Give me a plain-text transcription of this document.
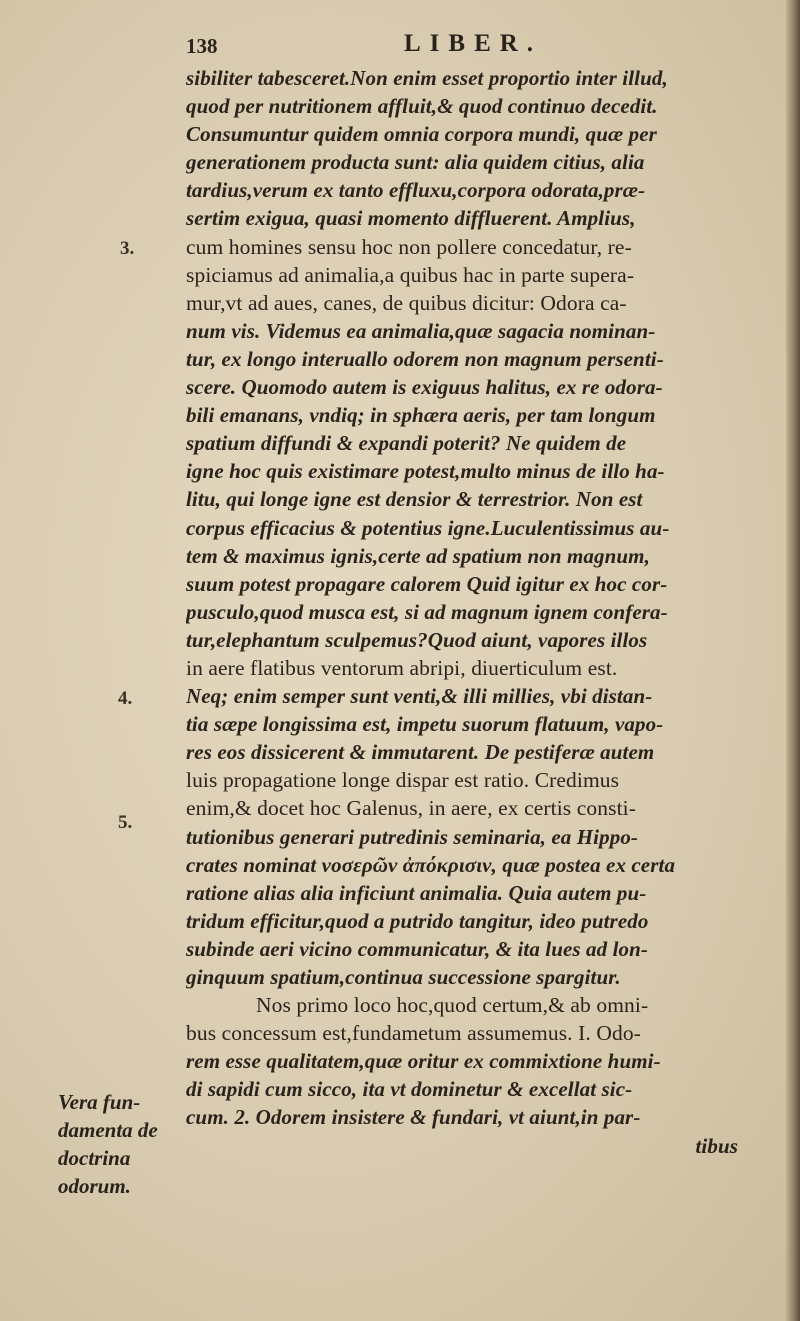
138	LIBER.
3.
4.
5.
Vera fun-
damenta de
doctrina
odorum.
sibiliter tabesceret.Non enim esset proportio inter illud,
quod per nutritionem affluit,& quod continuo decedit.
Consumuntur quidem omnia corpora mundi, quæ per
generationem producta sunt: alia quidem citius, alia
tardius,verum ex tanto effluxu,corpora odorata,præ-
sertim exigua, quasi momento diffluerent. Amplius,
cum homines sensu hoc non pollere concedatur, re-
spiciamus ad animalia,a quibus hac in parte supera-
mur,vt ad aues, canes, de quibus dicitur: Odora ca-
num vis. Videmus ea animalia,quæ sagacia nominan-
tur, ex longo interuallo odorem non magnum persenti-
scere. Quomodo autem is exiguus halitus, ex re odora-
bili emanans, vndiq; in sphæra aeris, per tam longum
spatium diffundi & expandi poterit? Ne quidem de
igne hoc quis existimare potest,multo minus de illo ha-
litu, qui longe igne est densior & terrestrior. Non est
corpus efficacius & potentius igne.Luculentissimus au-
tem & maximus ignis,certe ad spatium non magnum,
suum potest propagare calorem Quid igitur ex hoc cor-
pusculo,quod musca est, si ad magnum ignem confera-
tur,elephantum sculpemus?Quod aiunt, vapores illos
in aere flatibus ventorum abripi, diuerticulum est.
Neq; enim semper sunt venti,& illi millies, vbi distan-
tia sæpe longissima est, impetu suorum flatuum, vapo-
res eos dissicerent & immutarent. De pestiferæ autem
luis propagatione longe dispar est ratio. Credimus
enim,& docet hoc Galenus, in aere, ex certis consti-
tutionibus generari putredinis seminaria, ea Hippo-
crates nominat νοσερῶν ἀπόκρισιν, quæ postea ex certa
ratione alias alia inficiunt animalia. Quia autem pu-
tridum efficitur,quod a putrido tangitur, ideo putredo
subinde aeri vicino communicatur, & ita lues ad lon-
ginquum spatium,continua successione spargitur.
Nos primo loco hoc,quod certum,& ab omni-
bus concessum est,fundametum assumemus. I. Odo-
rem esse qualitatem,quæ oritur ex commixtione humi-
di sapidi cum sicco, ita vt dominetur & excellat sic-
cum. 2. Odorem insistere & fundari, vt aiunt,in par-
tibus
